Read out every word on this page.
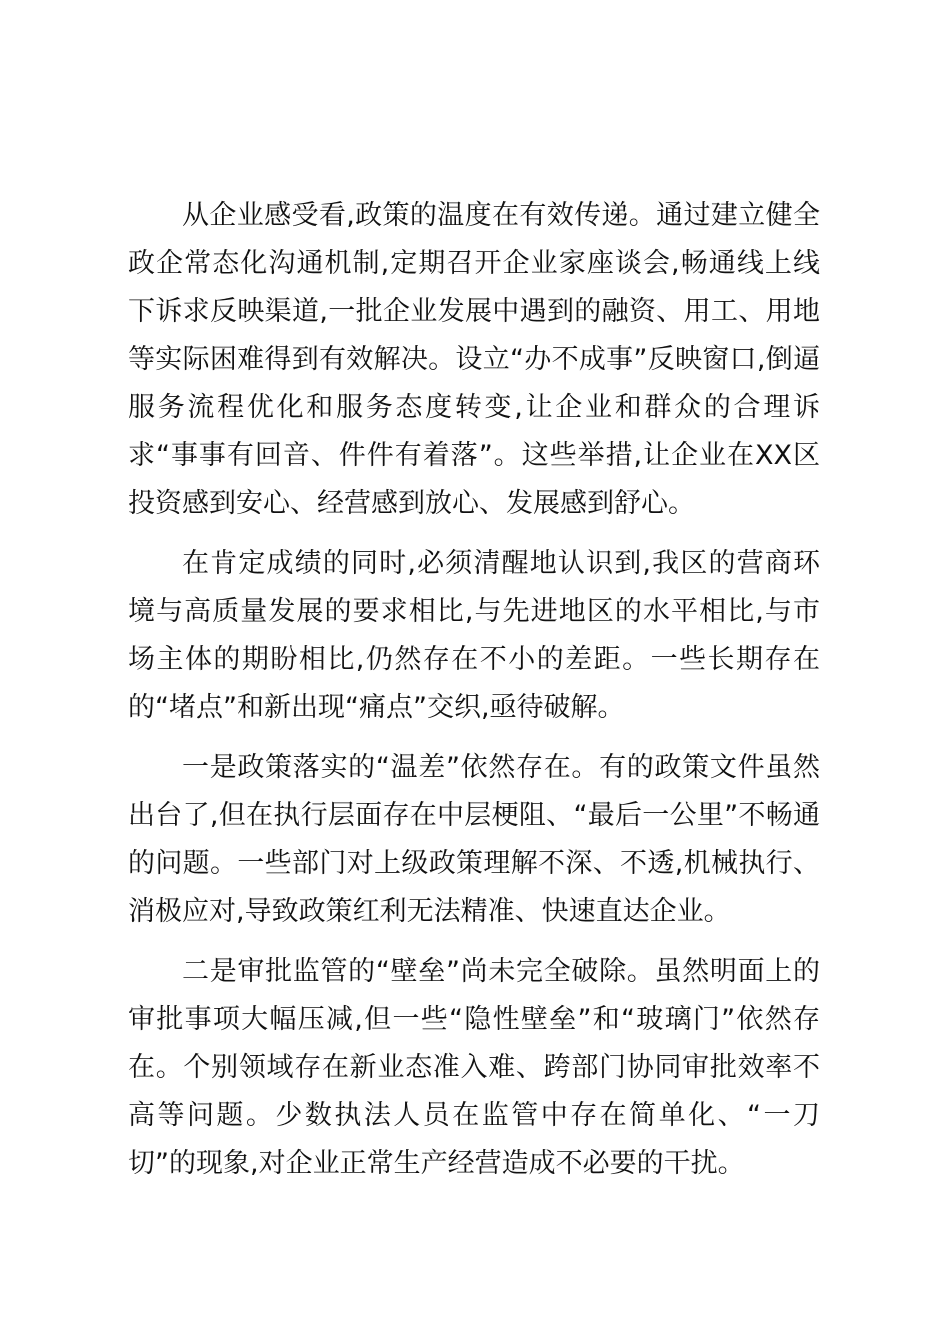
从企业感受看,政策的温度在有效传递。通过建立健全政企常态化沟通机制,定期召开企业家座谈会,畅通线上线下诉求反映渠道,一批企业发展中遇到的融资、用工、用地等实际困难得到有效解决。设立“办不成事”反映窗口,倒逼服务流程优化和服务态度转变,让企业和群众的合理诉求“事事有回音、件件有着落”。这些举措,让企业在XX区投资感到安心、经营感到放心、发展感到舒心。

在肯定成绩的同时,必须清醒地认识到,我区的营商环境与高质量发展的要求相比,与先进地区的水平相比,与市场主体的期盼相比,仍然存在不小的差距。一些长期存在的“堵点”和新出现“痛点”交织,亟待破解。

一是政策落实的“温差”依然存在。有的政策文件虽然出台了,但在执行层面存在中层梗阻、“最后一公里”不畅通的问题。一些部门对上级政策理解不深、不透,机械执行、消极应对,导致政策红利无法精准、快速直达企业。

二是审批监管的“壁垒”尚未完全破除。虽然明面上的审批事项大幅压减,但一些“隐性壁垒”和“玻璃门”依然存在。个别领域存在新业态准入难、跨部门协同审批效率不高等问题。少数执法人员在监管中存在简单化、“一刀切”的现象,对企业正常生产经营造成不必要的干扰。
